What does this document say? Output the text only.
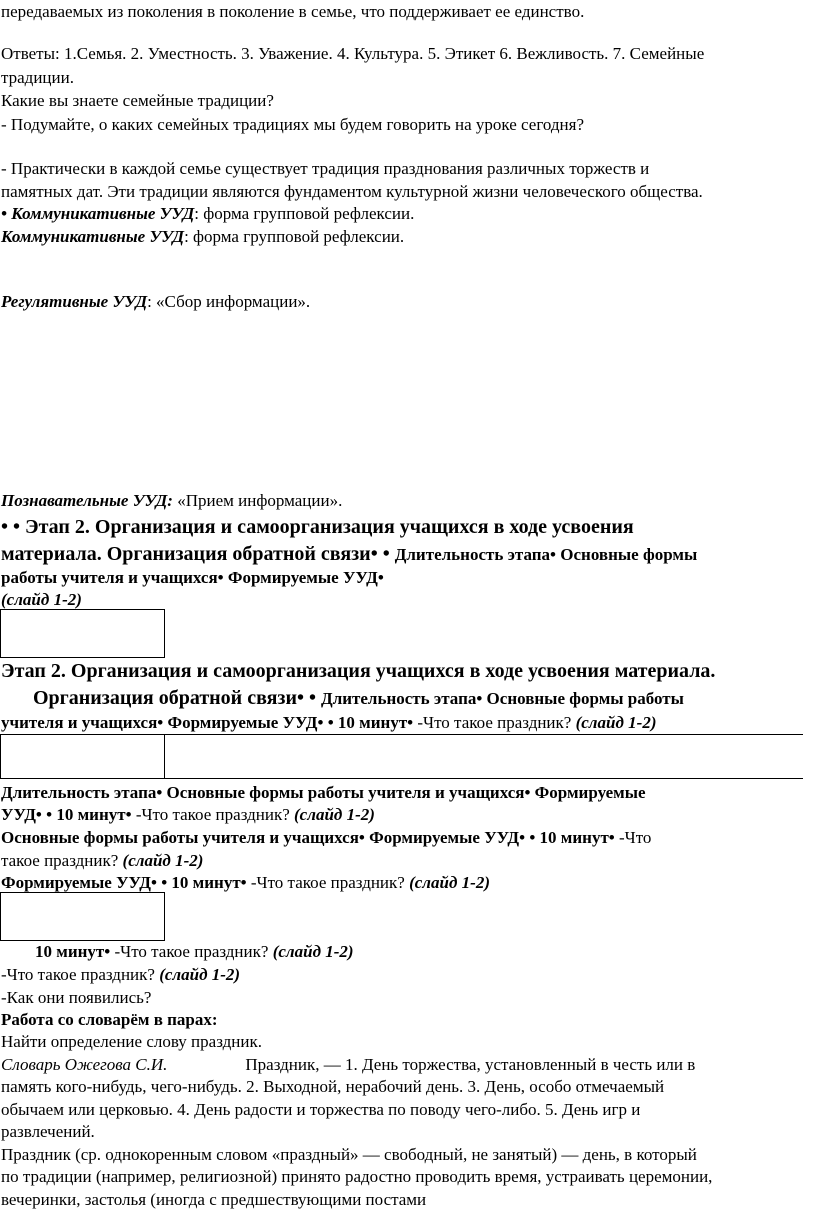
передаваемых из поколения в поколение в семье, что поддерживает ее единство.
Ответы: 1.Семья. 2. Уместность. 3. Уважение. 4. Культура. 5. Этикет 6. Вежливость. 7. Семейные
традиции.
Какие вы знаете семейные традиции?
- Подумайте, о каких семейных традициях мы будем говорить на уроке сегодня?
- Практически в каждой семье существует традиция празднования различных торжеств и
памятных дат. Эти традиции являются фундаментом культурной жизни человеческого общества.
• Коммуникативные УУД: форма групповой рефлексии.
Коммуникативные УУД: форма групповой рефлексии.
Регулятивные УУД: «Сбор информации».
Познавательные УУД: «Прием информации».
• • Этап 2. Организация и самоорганизация учащихся в ходе усвоения
материала. Организация обратной связи• • Длительность этапа• Основные формы
работы учителя и учащихся• Формируемые УУД•
(слайд 1-2)
Этап 2. Организация и самоорганизация учащихся в ходе усвоения материала.
Организация обратной связи• • Длительность этапа• Основные формы работы
учителя и учащихся• Формируемые УУД• • 10 минут• -Что такое праздник? (слайд 1-2)
Длительность этапа• Основные формы работы учителя и учащихся• Формируемые
УУД• • 10 минут• -Что такое праздник? (слайд 1-2)
Основные формы работы учителя и учащихся• Формируемые УУД• • 10 минут• -Что
такое праздник? (слайд 1-2)
Формируемые УУД• • 10 минут• -Что такое праздник? (слайд 1-2)
10 минут• -Что такое праздник? (слайд 1-2)
-Что такое праздник? (слайд 1-2)
-Как они появились?
Работа со словарём в парах:
Найти определение слову праздник.
Словарь Ожегова С.И.	Праздник, — 1. День торжества, установленный в честь или в
память кого-нибудь, чего-нибудь. 2. Выходной, нерабочий день. 3. День, особо отмечаемый
обычаем или церковью. 4. День радости и торжества по поводу чего-либо. 5. День игр и
развлечений.
Праздник (ср. однокоренным словом «праздный» — свободный, не занятый) — день, в который
по традиции (например, религиозной) принято радостно проводить время, устраивать церемонии,
вечеринки, застолья (иногда с предшествующими постами
